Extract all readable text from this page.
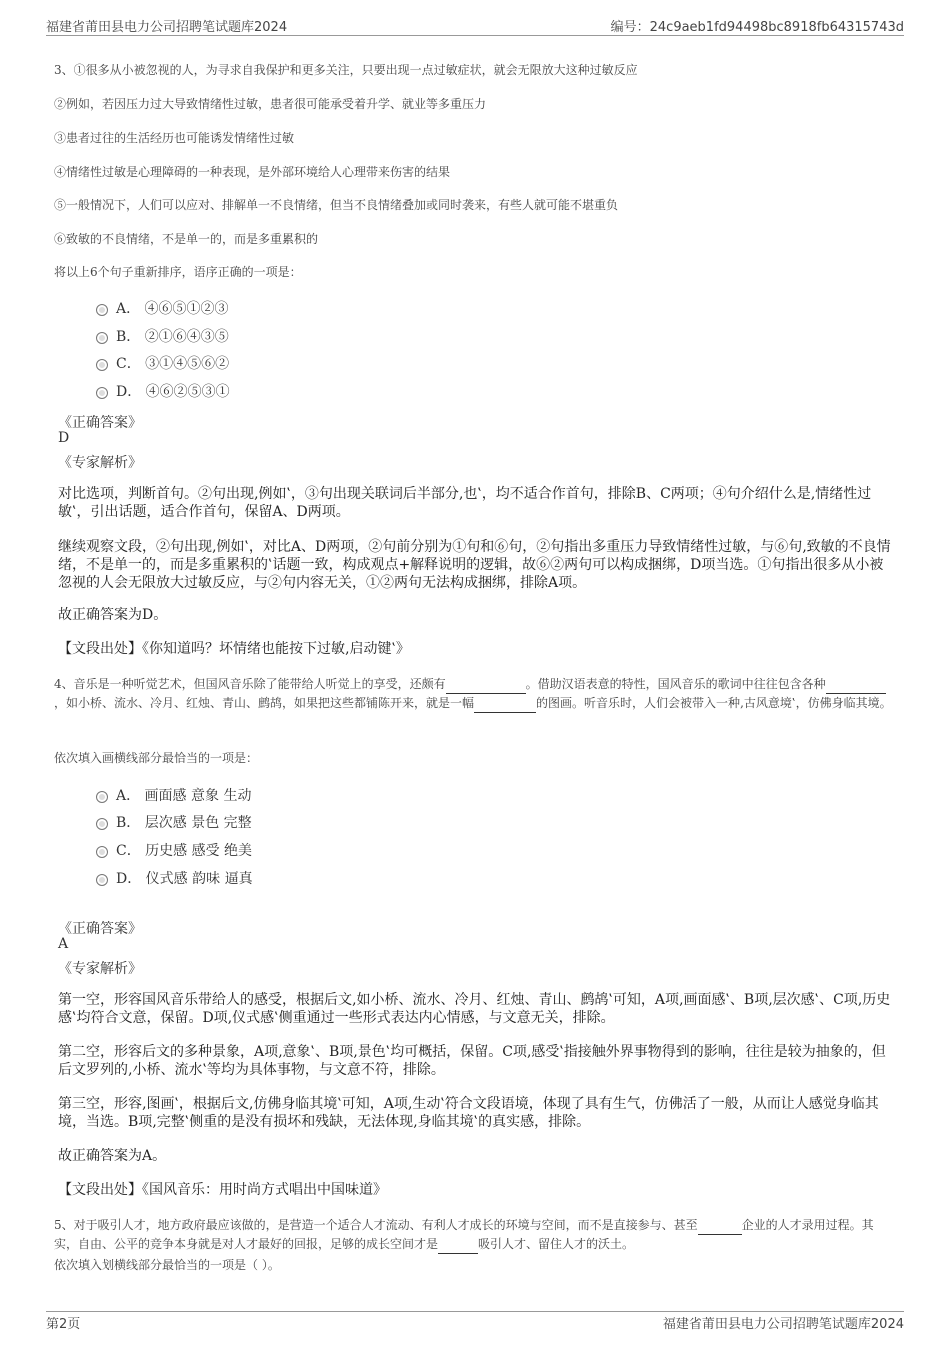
福建省莆田县电力公司招聘笔试题库2024	编号：24c9aeb1fd94498bc8918fb64315743d
3、①很多从小被忽视的人，为寻求自我保护和更多关注，只要出现一点过敏症状，就会无限放大这种过敏反应
②例如，若因压力过大导致情绪性过敏，患者很可能承受着升学、就业等多重压力
③患者过往的生活经历也可能诱发情绪性过敏
④情绪性过敏是心理障碍的一种表现，是外部环境给人心理带来伤害的结果
⑤一般情况下，人们可以应对、排解单一不良情绪，但当不良情绪叠加或同时袭来，有些人就可能不堪重负
⑥致敏的不良情绪，不是单一的，而是多重累积的
将以上6个句子重新排序，语序正确的一项是：
A． ④⑥⑤①②③
B． ②①⑥④③⑤
C． ③①④⑤⑥②
D． ④⑥②⑤③①
《正确答案》
D
《专家解析》
对比选项，判断首句。②句出现‚例如‛，③句出现关联词后半部分‚也‛，均不适合作首句，排除B、C两项；④句介绍什么是‚情绪性过敏‛，引出话题，适合作首句，保留A、D两项。
继续观察文段，②句出现‚例如‛，对比A、D两项，②句前分别为①句和⑥句，②句指出多重压力导致情绪性过敏，与⑥句‚致敏的不良情绪，不是单一的，而是多重累积的‛话题一致，构成观点+解释说明的逻辑，故⑥②两句可以构成捆绑，D项当选。①句指出很多从小被忽视的人会无限放大过敏反应，与②句内容无关，①②两句无法构成捆绑，排除A项。
故正确答案为D。
【文段出处】《你知道吗？坏情绪也能按下过敏‚启动键‛》
4、音乐是一种听觉艺术，但国风音乐除了能带给人听觉上的享受，还颇有	。借助汉语表意的特性，国风音乐的歌词中往往包含各种 ，如小桥、流水、冷月、红烛、青山、鹧鸪，如果把这些都铺陈开来，就是一幅	的图画。听音乐时，人们会被带入一种‚古风意境‛，仿佛身临其境。
依次填入画横线部分最恰当的一项是：
A． 画面感 意象 生动
B． 层次感 景色 完整
C． 历史感 感受 绝美
D． 仪式感 韵味 逼真
《正确答案》
A
《专家解析》
第一空，形容国风音乐带给人的感受，根据后文‚如小桥、流水、冷月、红烛、青山、鹧鸪‛可知，A项‚画面感‛、B项‚层次感‛、C项‚历史感‛均符合文意，保留。D项‚仪式感‛侧重通过一些形式表达内心情感，与文意无关，排除。
第二空，形容后文的多种景象，A项‚意象‛、B项‚景色‛均可概括，保留。C项‚感受‛指接触外界事物得到的影响，往往是较为抽象的，但后文罗列的‚小桥、流水‛等均为具体事物，与文意不符，排除。
第三空，形容‚图画‛，根据后文‚仿佛身临其境‛可知，A项‚生动‛符合文段语境，体现了具有生气，仿佛活了一般，从而让人感觉身临其境，当选。B项‚完整‛侧重的是没有损坏和残缺，无法体现‚身临其境‛的真实感，排除。
故正确答案为A。
【文段出处】《国风音乐：用时尚方式唱出中国味道》
5、对于吸引人才，地方政府最应该做的，是营造一个适合人才流动、有利人才成长的环境与空间，而不是直接参与、甚至	企业的人才录用过程。其实，自由、公平的竞争本身就是对人才最好的回报，足够的成长空间才是	吸引人才、留住人才的沃土。
依次填入划横线部分最恰当的一项是（ ）。
第2页	福建省莆田县电力公司招聘笔试题库2024
